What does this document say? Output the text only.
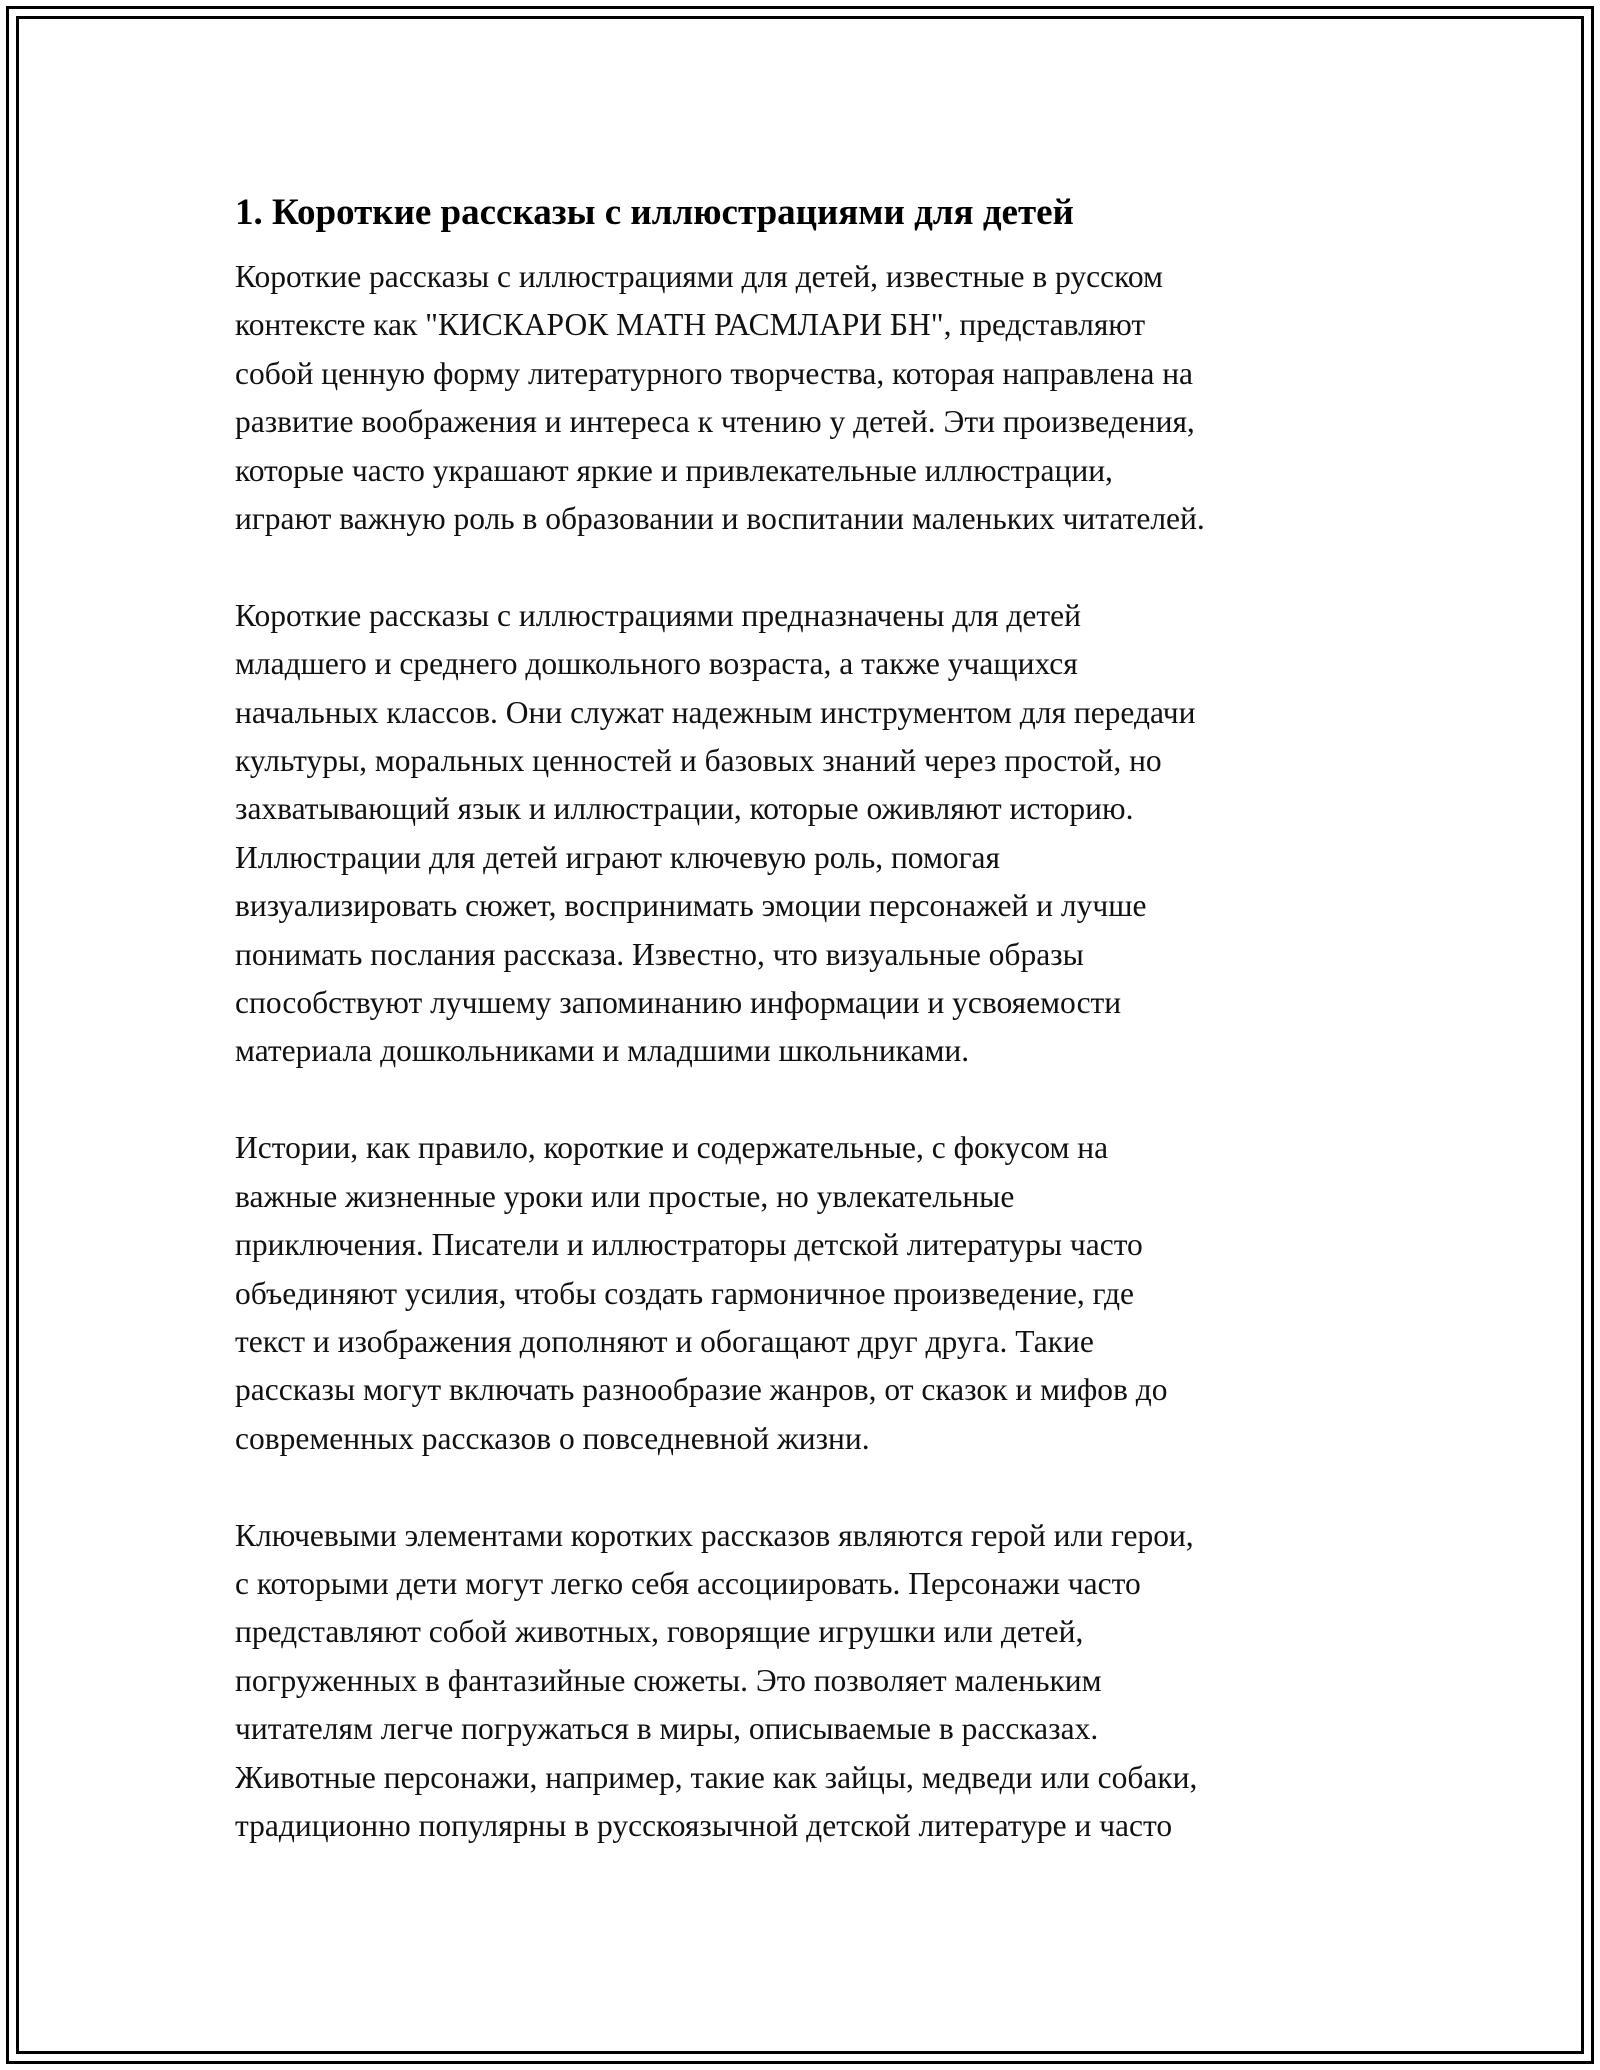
1. Короткие рассказы с иллюстрациями для детей

Короткие рассказы с иллюстрациями для детей, известные в русском
контексте как "КИСКАРОК МАТН РАСМЛАРИ БН", представляют
собой ценную форму литературного творчества, которая направлена на
развитие воображения и интереса к чтению у детей. Эти произведения,
которые часто украшают яркие и привлекательные иллюстрации,
играют важную роль в образовании и воспитании маленьких читателей.

Короткие рассказы с иллюстрациями предназначены для детей
младшего и среднего дошкольного возраста, а также учащихся
начальных классов. Они служат надежным инструментом для передачи
культуры, моральных ценностей и базовых знаний через простой, но
захватывающий язык и иллюстрации, которые оживляют историю.
Иллюстрации для детей играют ключевую роль, помогая
визуализировать сюжет, воспринимать эмоции персонажей и лучше
понимать послания рассказа. Известно, что визуальные образы
способствуют лучшему запоминанию информации и усвояемости
материала дошкольниками и младшими школьниками.

Истории, как правило, короткие и содержательные, с фокусом на
важные жизненные уроки или простые, но увлекательные
приключения. Писатели и иллюстраторы детской литературы часто
объединяют усилия, чтобы создать гармоничное произведение, где
текст и изображения дополняют и обогащают друг друга. Такие
рассказы могут включать разнообразие жанров, от сказок и мифов до
современных рассказов о повседневной жизни.

Ключевыми элементами коротких рассказов являются герой или герои,
с которыми дети могут легко себя ассоциировать. Персонажи часто
представляют собой животных, говорящие игрушки или детей,
погруженных в фантазийные сюжеты. Это позволяет маленьким
читателям легче погружаться в миры, описываемые в рассказах.
Животные персонажи, например, такие как зайцы, медведи или собаки,
традиционно популярны в русскоязычной детской литературе и часто
